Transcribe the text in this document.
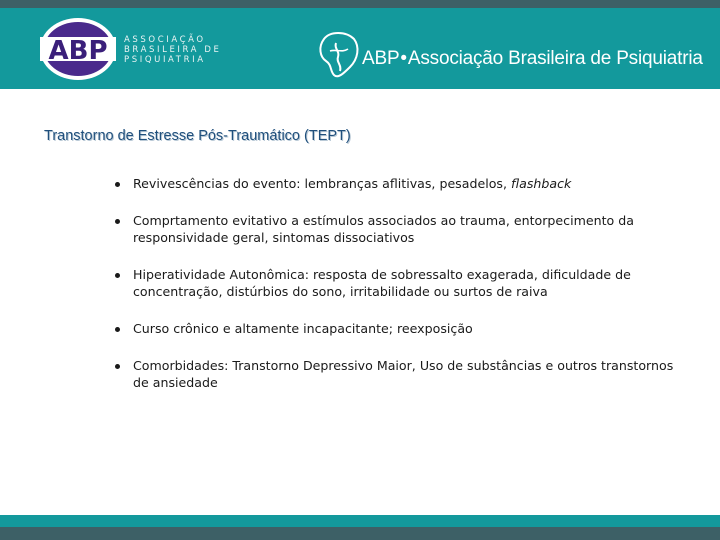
ABP ASSOCIAÇÃO
BRASILEIRA DE
PSIQUIATRIA	ABP•Associação Brasileira de Psiquiatria
Transtorno de Estresse Pós-Traumático (TEPT)
Revivescências do evento: lembranças aflitivas, pesadelos, flashback
Comprtamento evitativo a estímulos associados ao trauma, entorpecimento da responsividade geral, sintomas dissociativos
Hiperatividade Autonômica: resposta de sobressalto exagerada, dificuldade de concentração, distúrbios do sono, irritabilidade ou surtos de raiva
Curso crônico e altamente incapacitante; reexposição
Comorbidades: Transtorno Depressivo Maior, Uso de substâncias e outros transtornos de ansiedade
